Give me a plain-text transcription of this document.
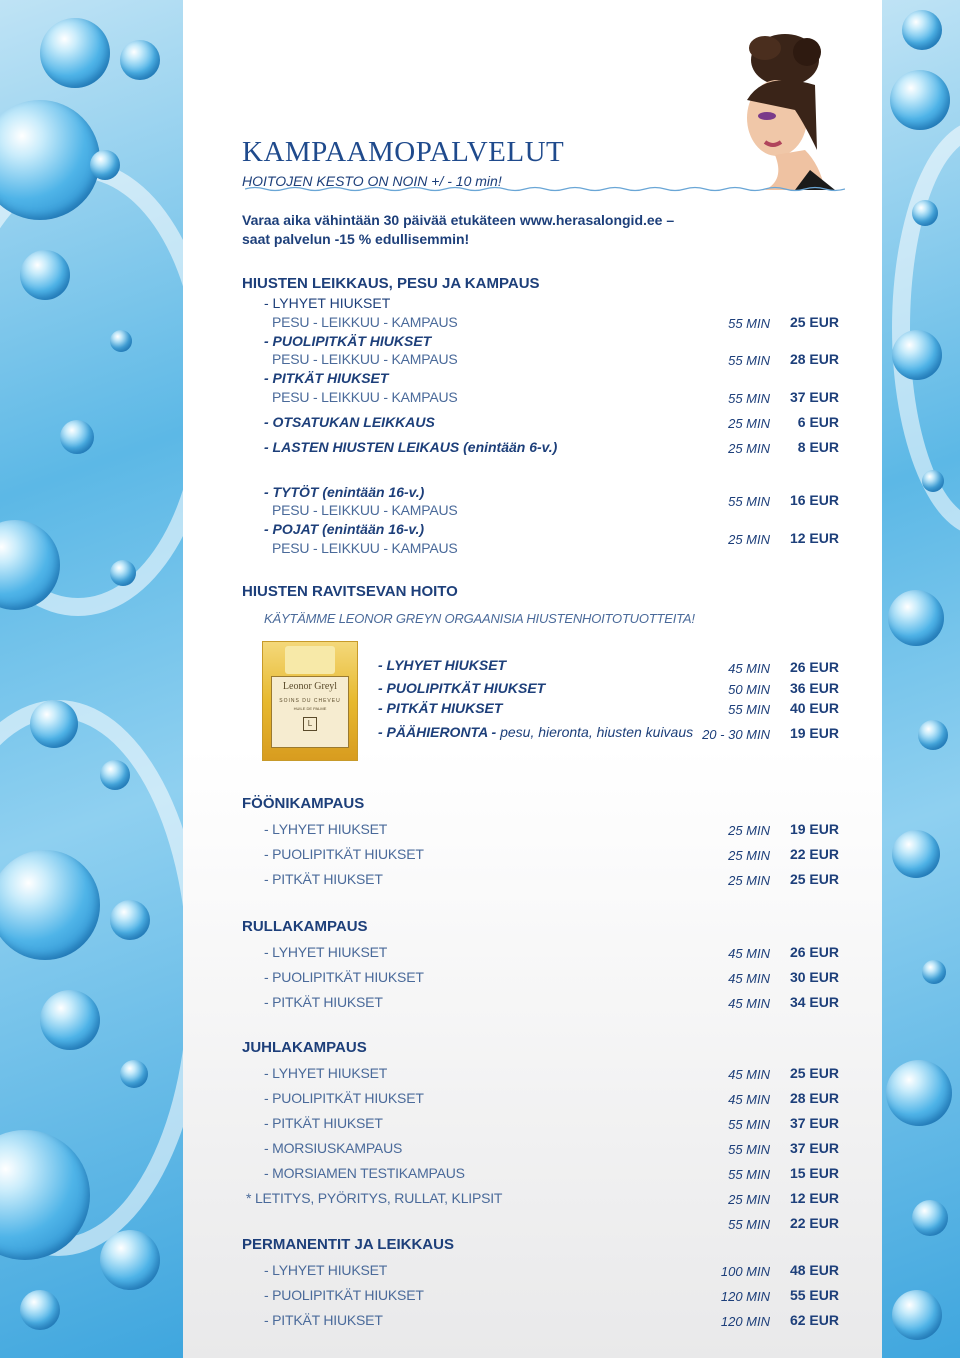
KAMPAAMOPALVELUT
HOITOJEN KESTO ON NOIN +/ - 10 min!
Varaa aika vähintään 30 päivää etukäteen www.herasalongid.ee –
saat palvelun -15 % edullisemmin!
HIUSTEN LEIKKAUS, PESU JA KAMPAUS
- LYHYET HIUKSET
PESU - LEIKKUU - KAMPAUS	55 MIN	25 EUR
- PUOLIPITKÄT HIUKSET
PESU - LEIKKUU - KAMPAUS	55 MIN	28 EUR
- PITKÄT HIUKSET
PESU - LEIKKUU - KAMPAUS	55 MIN	37 EUR
- OTSATUKAN LEIKKAUS	25 MIN	6 EUR
- LASTEN HIUSTEN LEIKAUS (enintään 6-v.)	25 MIN	8 EUR
- TYTÖT (enintään 16-v.)
PESU - LEIKKUU - KAMPAUS
55 MIN	16 EUR
- POJAT (enintään 16-v.)
PESU - LEIKKUU - KAMPAUS
25 MIN	12 EUR
HIUSTEN RAVITSEVAN HOITO
KÄYTÄMME LEONOR GREYN ORGAANISIA HIUSTENHOITOTUOTTEITA!
Leonor Greyl
SOINS DU CHEVEU
HUILE DE PALME
L
- LYHYET HIUKSET	45 MIN	26 EUR
- PUOLIPITKÄT HIUKSET	50 MIN	36 EUR
- PITKÄT HIUKSET	55 MIN	40 EUR
- PÄÄHIERONTA - pesu, hieronta, hiusten kuivaus 20 - 30 MIN	19 EUR
FÖÖNIKAMPAUS
- LYHYET HIUKSET	25 MIN	19 EUR
- PUOLIPITKÄT HIUKSET	25 MIN	22 EUR
- PITKÄT HIUKSET	25 MIN	25 EUR
RULLAKAMPAUS
- LYHYET HIUKSET	45 MIN	26 EUR
- PUOLIPITKÄT HIUKSET	45 MIN	30 EUR
- PITKÄT HIUKSET	45 MIN	34 EUR
JUHLAKAMPAUS
- LYHYET HIUKSET	45 MIN	25 EUR
- PUOLIPITKÄT HIUKSET	45 MIN	28 EUR
- PITKÄT HIUKSET	55 MIN	37 EUR
- MORSIUSKAMPAUS	55 MIN	37 EUR
- MORSIAMEN TESTIKAMPAUS	55 MIN	15 EUR
* LETITYS, PYÖRITYS, RULLAT, KLIPSIT	25 MIN	12 EUR
55 MIN	22 EUR
PERMANENTIT JA LEIKKAUS
- LYHYET HIUKSET	100 MIN	48 EUR
- PUOLIPITKÄT HIUKSET	120 MIN	55 EUR
- PITKÄT HIUKSET	120 MIN	62 EUR
